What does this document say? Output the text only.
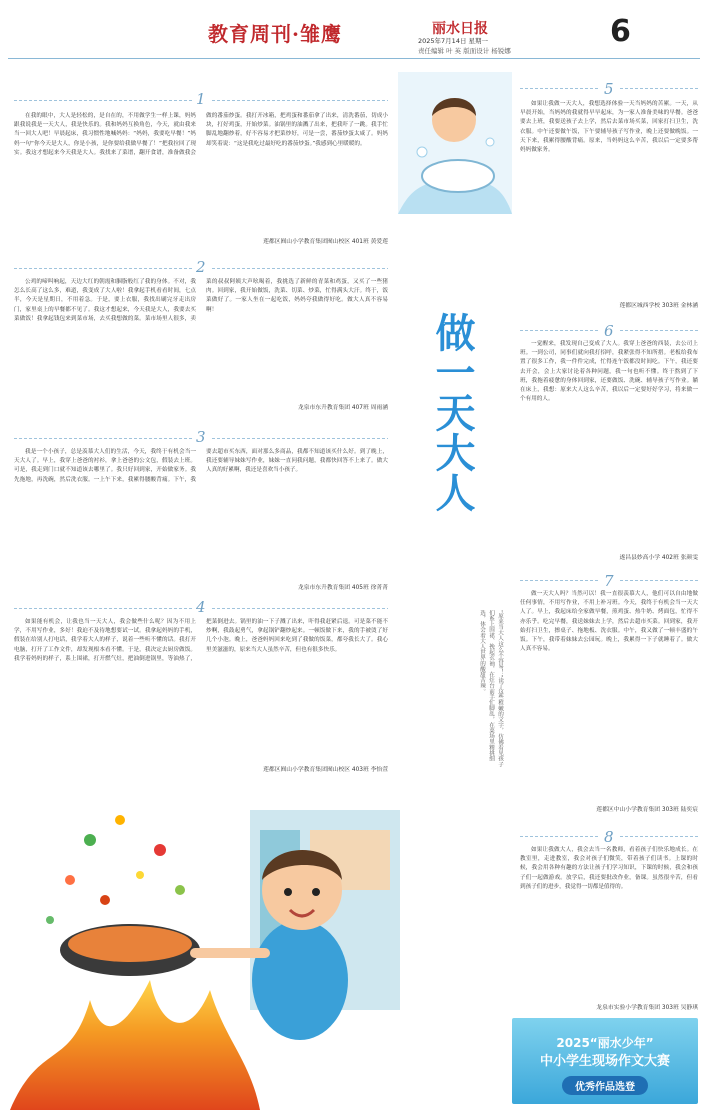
教育周刊·雏鹰	丽水日报	6
2025年7月14日 星期一
责任编辑 叶 英 版面设计 杨锐娜
1
在我的眼中，大人是轻松的，是自在的，不用做学生一样上课，妈妈跟我说我是一天大人，我是快乐的。我和妈妈互换角色，今天，就由我来当一回大人吧！早晨起床，我习惯性地喊妈妈：“妈妈，我要吃早餐！”妈妈一句“你今天是大人，你是小孩，是你要给我做早餐了！”把我拉回了现实。我这才想起来今天我是大人。我找来了菜谱，翻开食谱，准备做我会做的番茄炒蛋。我打开冰箱，把鸡蛋和番茄拿了出来，清洗番茄，切成小块，打好鸡蛋，开始炒菜。油锅里的油溅了出来，把我吓了一跳。我手忙脚乱地翻炒着，好不容易才把菜炒好，可是一尝，番茄炒蛋太咸了。妈妈却笑着说：“这是我吃过最好吃的番茄炒蛋。”我感到心里暖暖的。
莲都区囿山小学教育集团囿山校区 401班 黄爱莲
2
公鸡的啼叫响起，天边大红的朝霞和胭脂般红了我的身体。不对，我怎么长高了这么多，难道，我变成了大人啦！我拿起手机看看时间，七点半，今天是星期日，不用着急。于是，要上衣服，我找出刷完牙走出房门，家里桌上的早餐都不见了。我这才想起来，今天我是大人，我要去买菜做饭！我拿起钱包来到菜市场，去买我想做的菜。菜市场里人很多，卖菜的叔叔阿姨大声吆喝着，我挑选了新鲜的青菜和鸡蛋，又买了一些猪肉。回到家，我开始做饭，洗菜、切菜、炒菜，忙得满头大汗。终于，饭菜做好了。一家人坐在一起吃饭，妈妈夸我做得好吃。做大人真不容易啊！
龙泉市东升教育集团 407班 周雨涵
3
我是一个小孩子，总是羡慕大人们的生活，今天，我终于有机会当一天大人了。早上，我穿上爸爸的衬衫，拿上爸爸的公文包，假装去上班。可是，我走到门口就不知道该去哪里了。我只好回到家，开始做家务。我先拖地，再洗碗，然后洗衣服。一上午下来，我累得腰酸背痛。下午，我要去超市买东西，面对那么多商品，我都不知道该买什么好。到了晚上，我还要辅导妹妹写作业，妹妹一直问我问题，我都快回答不上来了。做大人真的好累啊，我还是喜欢当小孩子。
龙泉市东升教育集团 405班 徐菁菁
4
如果能有机会，让我也当一天大人，我会做些什么呢？因为不用上学，不用写作业，多好！我迫不及待地想要试一试。我拿起妈妈的手机，假装在给别人打电话，我学着大人的样子，说着一些听不懂的话。我打开电脑，打开了工作文件，却发现根本看不懂。于是，我决定去厨房做饭。我学着妈妈的样子，系上围裙，打开燃气灶，把油倒进锅里，等油热了，把菜倒进去。锅里的油一下子溅了出来，吓得我赶紧后退。可是菜不能不炒啊，我鼓起勇气，拿起锅铲翻炒起来。一顿饭做下来，我的手被烫了好几个小泡。晚上，爸爸妈妈回来吃到了我做的饭菜，都夸我长大了。我心里美滋滋的，原来当大人虽然辛苦，但也有很多快乐。
莲都区囿山小学教育集团囿山校区 403班 李怡萱
做一天大人
“原来当大人这么不容易！”读了这些稚嫩的文字，仿佛看见孩子们系上围裙、挽起衣袖，在灶台前手忙脚乱，在菜场里精挑细选，体会着大人世界的酸甜苦辣。
5
如果让我做一天大人，我想选择体验一天当妈妈的苦累。一天，从早晨开始，当妈妈的我就得早早起床，为一家人准备美味的早餐。爸爸要去上班，我要送孩子去上学，然后去菜市场买菜，回家打扫卫生，洗衣服。中午还要做午饭，下午要辅导孩子写作业，晚上还要做晚饭。一天下来，我累得腰酸背痛。原来，当妈妈这么辛苦，我以后一定要多帮妈妈做家务。
莲都区城西学校 303班 金林涵
6
一觉醒来，我发现自己变成了大人。我穿上爸爸的西装，去公司上班。一到公司，同事们就向我打招呼，我紧张得不知所措。老板给我布置了很多工作，我一件件完成，忙得连午饭都没时间吃。下午，我还要去开会，会上大家讨论着各种问题，我一句也听不懂。终于熬到了下班，我拖着疲惫的身体回到家，还要做饭、洗碗、辅导孩子写作业。躺在床上，我想：原来大人这么辛苦，我以后一定要好好学习，将来做一个有用的人。
遂昌县妙高小学 402班 张颜雯
7
做一天大人吗？当然可以！我一直很羡慕大人，他们可以自由地做任何事情，不用写作业，不用上补习班。今天，我终于有机会当一天大人了。早上，我起床给全家做早餐，煎鸡蛋、热牛奶、烤面包，忙得不亦乐乎。吃完早餐，我送妹妹去上学，然后去超市买菜。回到家，我开始打扫卫生，擦桌子、拖地板、洗衣服。中午，我又做了一顿丰盛的午饭。下午，我带着妹妹去公园玩。晚上，我累得一下子就睡着了。做大人真不容易。
莲都区中山小学教育集团 303班 陆奕宸
8
如果让我做大人，我会去当一名教师，看着孩子们快乐地成长。在教室里，走进教室，我会对孩子们微笑，带着孩子们读书。上课的时候，我会用各种有趣的方法让孩子们学习知识，下课的时候，我会和孩子们一起做游戏。放学后，我还要批改作业，备课。虽然很辛苦，但看到孩子们的进步，我觉得一切都是值得的。
龙泉市实验小学教育集团 303班 吴静琪
2025“丽水少年”
中小学生现场作文大赛
优秀作品选登
